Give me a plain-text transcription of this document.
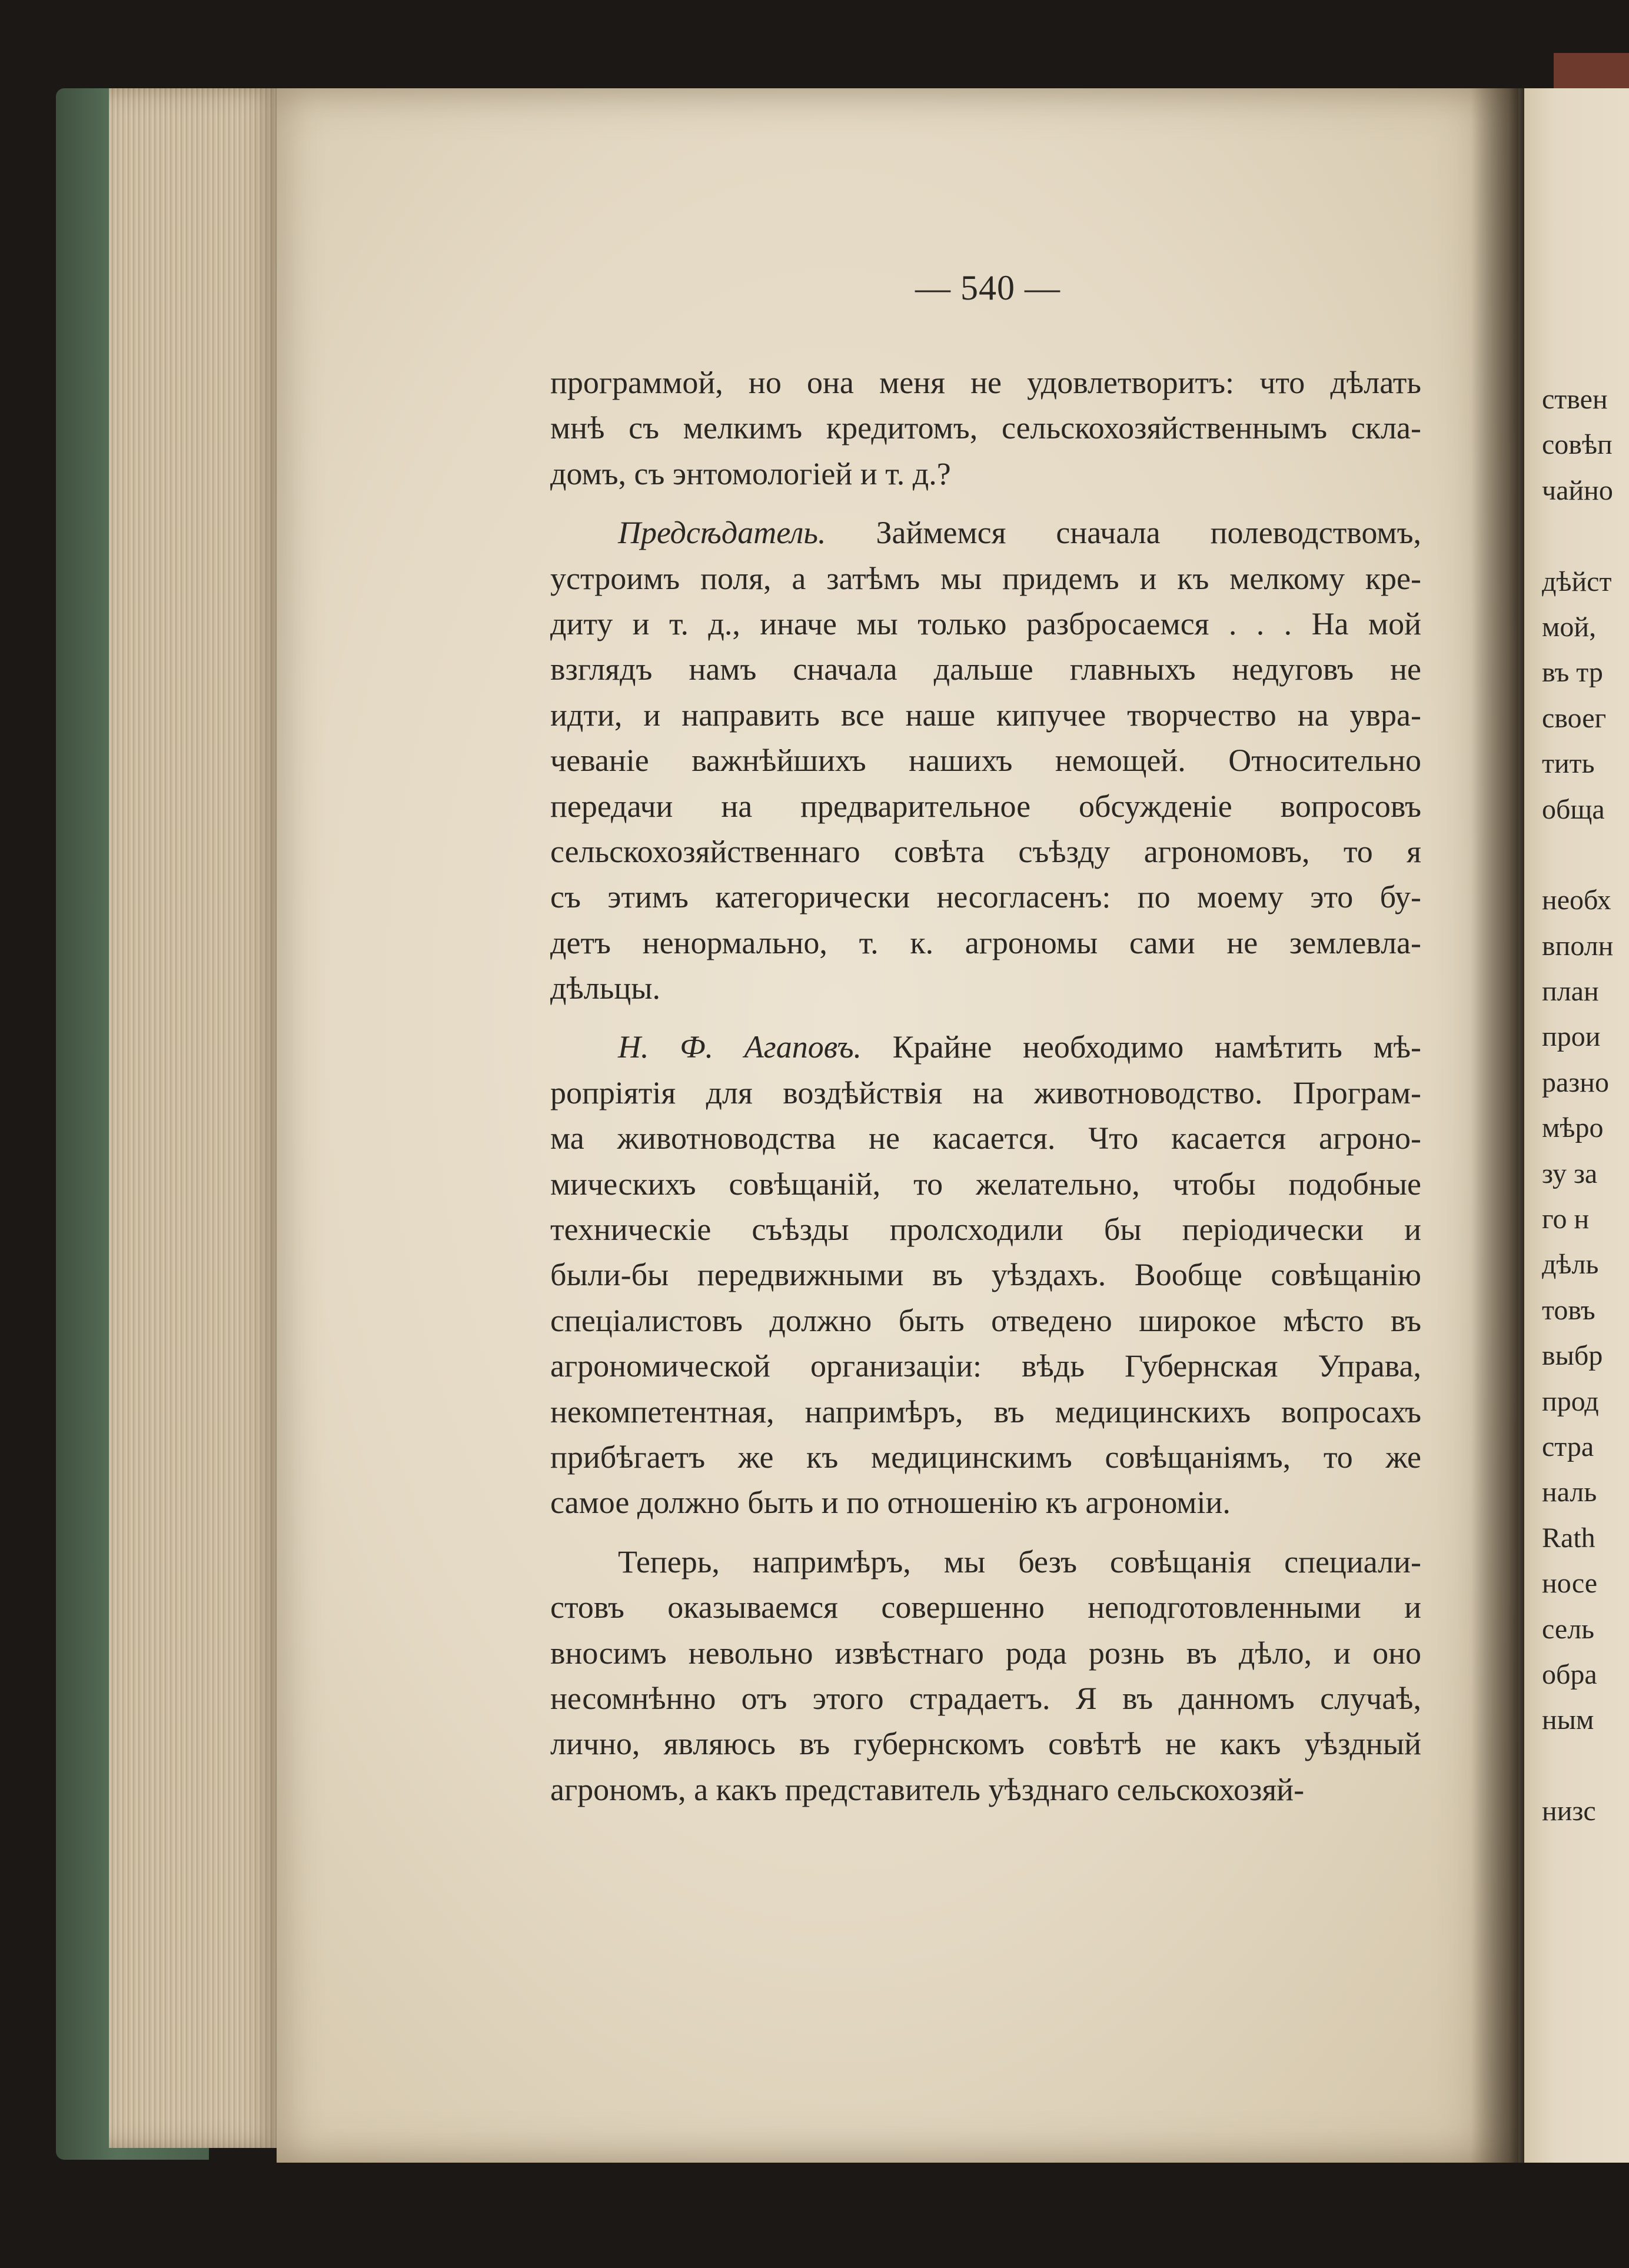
— 540 —
программой, но она меня не удовлетворитъ: что дѣлать
мнѣ съ мелкимъ кредитомъ, сельскохозяйственнымъ скла-
домъ, съ энтомологіей и т. д.?
Предсѣдатель. Займемся сначала полеводствомъ,
устроимъ поля, а затѣмъ мы придемъ и къ мелкому кре-
диту и т. д., иначе мы только разбросаемся . . . На мой
взглядъ намъ сначала дальше главныхъ недуговъ не
идти, и направить все наше кипучее творчество на увра-
чеваніе важнѣйшихъ нашихъ немощей. Относительно
передачи на предварительное обсужденіе вопросовъ
сельскохозяйственнаго совѣта съѣзду агрономовъ, то я
съ этимъ категорически несогласенъ: по моему это бу-
детъ ненормально, т. к. агрономы сами не землевла-
дѣльцы.
Н. Ф. Агаповъ. Крайне необходимо намѣтить мѣ-
ропріятія для воздѣйствія на животноводство. Програм-
ма животноводства не касается. Что касается агроно-
мическихъ совѣщаній, то желательно, чтобы подобные
техническіе съѣзды пролсходили бы періодически и
были-бы передвижными въ уѣздахъ. Вообще совѣщанію
спеціалистовъ должно быть отведено широкое мѣсто въ
агрономической организаціи: вѣдь Губернская Управа,
некомпетентная, напримѣръ, въ медицинскихъ вопросахъ
прибѣгаетъ же къ медицинскимъ совѣщаніямъ, то же
самое должно быть и по отношенію къ агрономіи.
Теперь, напримѣръ, мы безъ совѣщанія специали-
стовъ оказываемся совершенно неподготовленными и
вносимъ невольно извѣстнаго рода рознь въ дѣло, и оно
несомнѣнно отъ этого страдаетъ. Я въ данномъ случаѣ,
лично, являюсь въ губернскомъ совѣтѣ не какъ уѣздный
агрономъ, а какъ представитель уѣзднаго сельскохозяй-
ствен
совѣп
чайно

дѣйст
мой,
въ тр
своег
тить
обща

необх
вполн
план
прои
разно
мѣро
зу за
го н
дѣль
товъ
выбр
прод
стра
наль
Rath
носе
сель
обра
ным

низс
